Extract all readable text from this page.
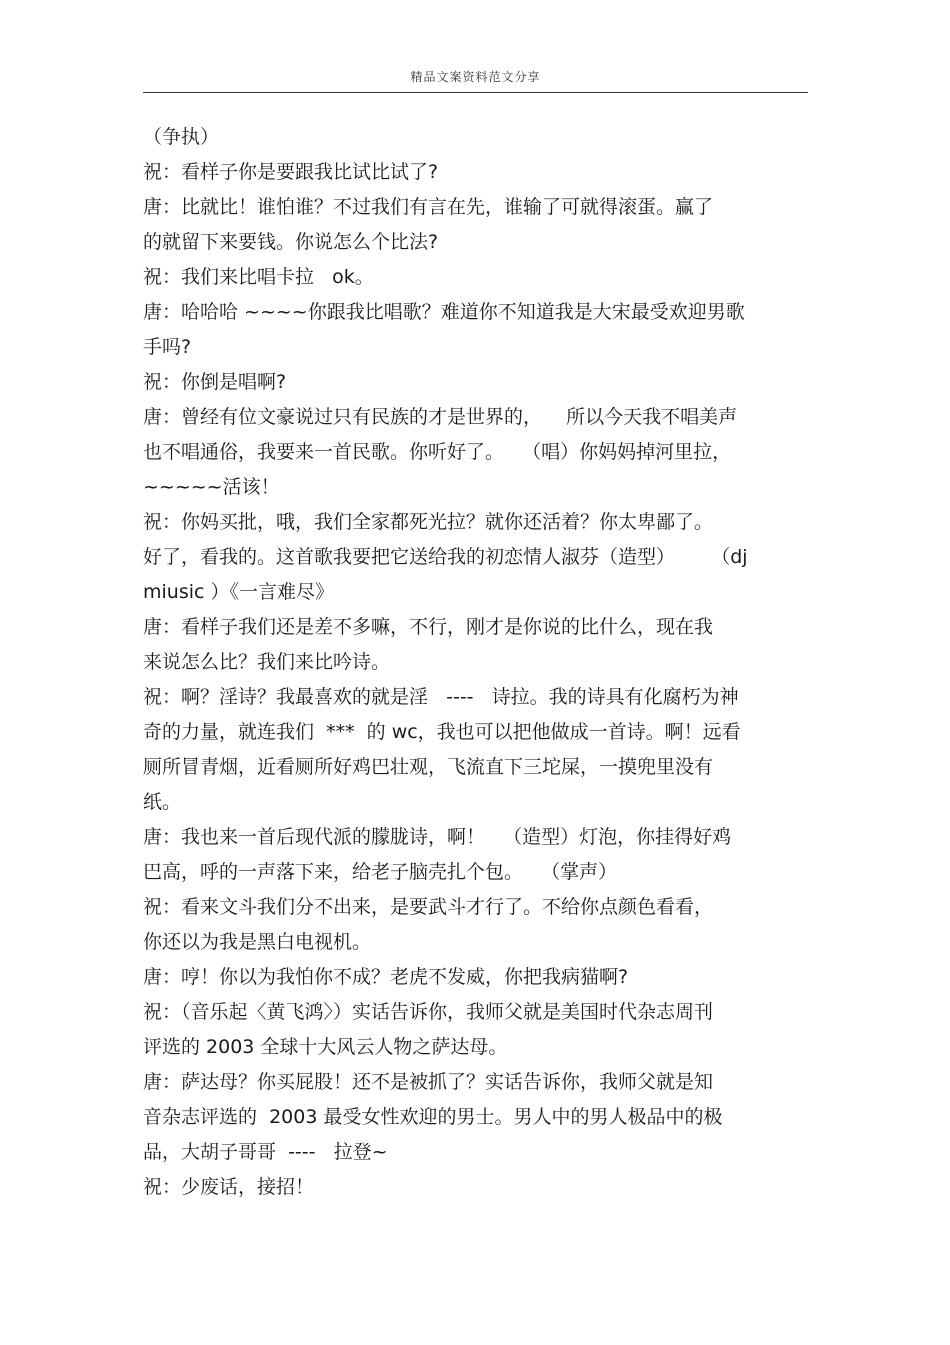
精品文案资料范文分享
（争执）
祝：看样子你是要跟我比试比试了?
唐：比就比！谁怕谁？不过我们有言在先，谁输了可就得滚蛋。赢了
的就留下来要钱。你说怎么个比法?
祝：我们来比唱卡拉   ok。
唐：哈哈哈 ~~~~你跟我比唱歌？难道你不知道我是大宋最受欢迎男歌
手吗?
祝：你倒是唱啊?
唐：曾经有位文豪说过只有民族的才是世界的，    所以今天我不唱美声
也不唱通俗，我要来一首民歌。你听好了。   （唱）你妈妈掉河里拉，
~~~~~活该！
祝：你妈买批，哦，我们全家都死光拉？就你还活着？你太卑鄙了。
好了，看我的。这首歌我要把它送给我的初恋情人淑芬（造型）      （dj
miusic ）《一言难尽》
唐：看样子我们还是差不多嘛，不行，刚才是你说的比什么，现在我
来说怎么比？我们来比吟诗。
祝：啊？淫诗？我最喜欢的就是淫   ----   诗拉。我的诗具有化腐朽为神
奇的力量，就连我们  ***  的 wc，我也可以把他做成一首诗。啊！远看
厕所冒青烟，近看厕所好鸡巴壮观，飞流直下三坨屎，一摸兜里没有
纸。
唐：我也来一首后现代派的朦胧诗，啊！   （造型）灯泡，你挂得好鸡
巴高，呼的一声落下来，给老子脑壳扎个包。   （掌声）
祝：看来文斗我们分不出来，是要武斗才行了。不给你点颜色看看，
你还以为我是黑白电视机。
唐：哼！你以为我怕你不成？老虎不发威，你把我病猫啊?
祝：（音乐起〈黄飞鸿〉）实话告诉你，我师父就是美国时代杂志周刊
评选的 2003 全球十大风云人物之萨达母。
唐：萨达母？你买屁股！还不是被抓了？实话告诉你，我师父就是知
音杂志评选的  2003 最受女性欢迎的男士。男人中的男人极品中的极
品，大胡子哥哥  ----   拉登~
祝：少废话，接招！
